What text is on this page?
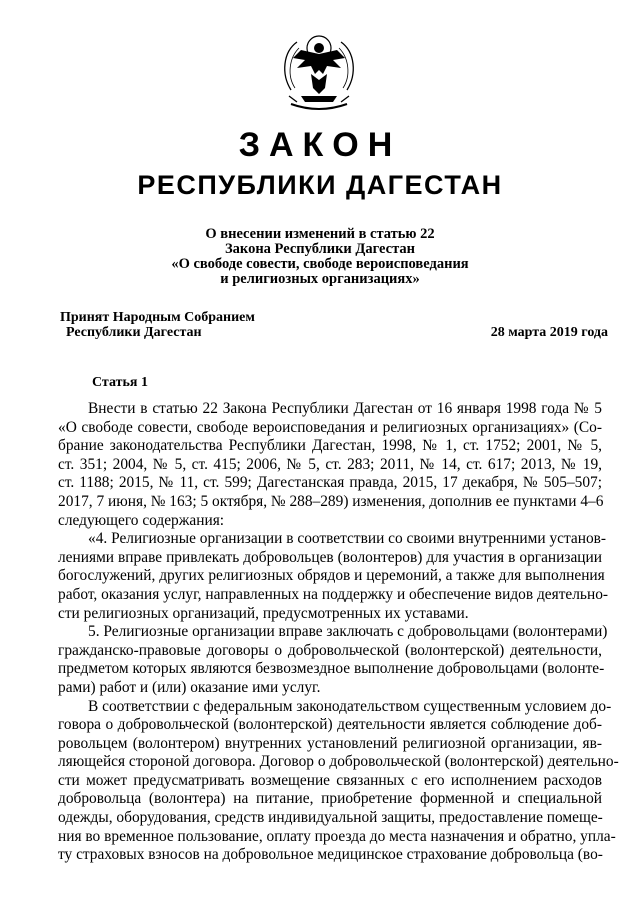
ЗАКОН
РЕСПУБЛИКИ ДАГЕСТАН
О внесении изменений в статью 22
Закона Республики Дагестан
«О свободе совести, свободе вероисповедания
и религиозных организациях»
Принят Народным Собранием
Республики Дагестан	28 марта 2019 года
Статья 1
Внести в статью 22 Закона Республики Дагестан от 16 января 1998 года № 5
«О свободе совести, свободе вероисповедания и религиозных организациях» (Со-
брание законодательства Республики Дагестан, 1998, № 1, ст. 1752; 2001, № 5,
ст. 351; 2004, № 5, ст. 415; 2006, № 5, ст. 283; 2011, № 14, ст. 617; 2013, № 19,
ст. 1188; 2015, № 11, ст. 599; Дагестанская правда, 2015, 17 декабря, № 505–507;
2017, 7 июня, № 163; 5 октября, № 288–289) изменения, дополнив ее пунктами 4–6
следующего содержания:
«4. Религиозные организации в соответствии со своими внутренними установ-
лениями вправе привлекать добровольцев (волонтеров) для участия в организации
богослужений, других религиозных обрядов и церемоний, а также для выполнения
работ, оказания услуг, направленных на поддержку и обеспечение видов деятельно-
сти религиозных организаций, предусмотренных их уставами.
5. Религиозные организации вправе заключать с добровольцами (волонтерами)
гражданско-правовые договоры о добровольческой (волонтерской) деятельности,
предметом которых являются безвозмездное выполнение добровольцами (волонте-
рами) работ и (или) оказание ими услуг.
В соответствии с федеральным законодательством существенным условием до-
говора о добровольческой (волонтерской) деятельности является соблюдение доб-
ровольцем (волонтером) внутренних установлений религиозной организации, яв-
ляющейся стороной договора. Договор о добровольческой (волонтерской) деятельно-
сти может предусматривать возмещение связанных с его исполнением расходов
добровольца (волонтера) на питание, приобретение форменной и специальной
одежды, оборудования, средств индивидуальной защиты, предоставление помеще-
ния во временное пользование, оплату проезда до места назначения и обратно, упла-
ту страховых взносов на добровольное медицинское страхование добровольца (во-
